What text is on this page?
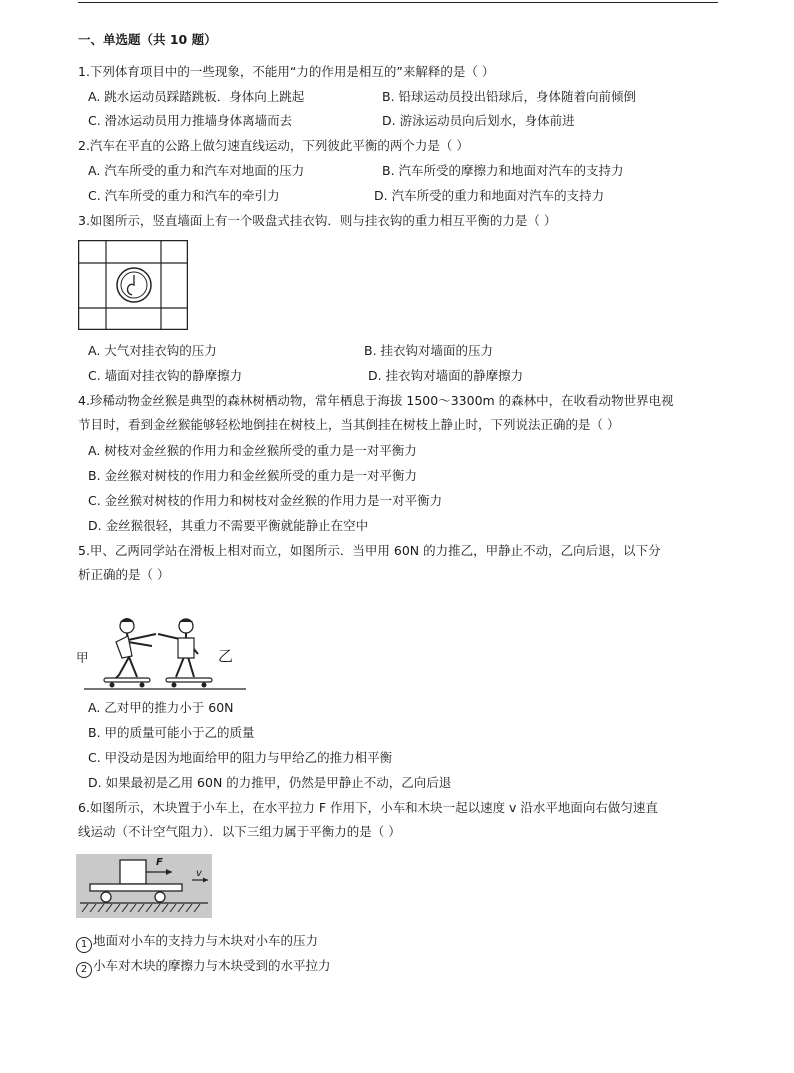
一、单选题（共 10 题）
1.下列体育项目中的一些现象，不能用“力的作用是相互的”来解释的是（ ）
A. 跳水运动员踩踏跳板．身体向上跳起	B. 铅球运动员投出铅球后，身体随着向前倾倒
C. 滑冰运动员用力推墙身体离墙而去	D. 游泳运动员向后划水，身体前进
2.汽车在平直的公路上做匀速直线运动，下列彼此平衡的两个力是（ ）
A. 汽车所受的重力和汽车对地面的压力	B. 汽车所受的摩擦力和地面对汽车的支持力
C. 汽车所受的重力和汽车的牵引力	D. 汽车所受的重力和地面对汽车的支持力
3.如图所示，竖直墙面上有一个吸盘式挂衣钩．则与挂衣钩的重力相互平衡的力是（ ）
A. 大气对挂衣钩的压力	B. 挂衣钩对墙面的压力
C. 墙面对挂衣钩的静摩擦力	D. 挂衣钩对墙面的静摩擦力
4.珍稀动物金丝猴是典型的森林树栖动物，常年栖息于海拔 1500～3300m 的森林中，在收看动物世界电视
节目时，看到金丝猴能够轻松地倒挂在树枝上，当其倒挂在树枝上静止时，下列说法正确的是（ ）
A. 树枝对金丝猴的作用力和金丝猴所受的重力是一对平衡力
B. 金丝猴对树枝的作用力和金丝猴所受的重力是一对平衡力
C. 金丝猴对树枝的作用力和树枝对金丝猴的作用力是一对平衡力
D. 金丝猴很轻，其重力不需要平衡就能静止在空中
5.甲、乙两同学站在滑板上相对而立，如图所示．当甲用 60N 的力推乙，甲静止不动，乙向后退，以下分
析正确的是（ ）
甲	乙
A. 乙对甲的推力小于 60N
B. 甲的质量可能小于乙的质量
C. 甲没动是因为地面给甲的阻力与甲给乙的推力相平衡
D. 如果最初是乙用 60N 的力推甲，仍然是甲静止不动，乙向后退
6.如图所示，木块置于小车上，在水平拉力 F 作用下，小车和木块一起以速度 v 沿水平地面向右做匀速直
线运动（不计空气阻力）．以下三组力属于平衡力的是（ ）
F
v
1 地面对小车的支持力与木块对小车的压力
2 小车对木块的摩擦力与木块受到的水平拉力
